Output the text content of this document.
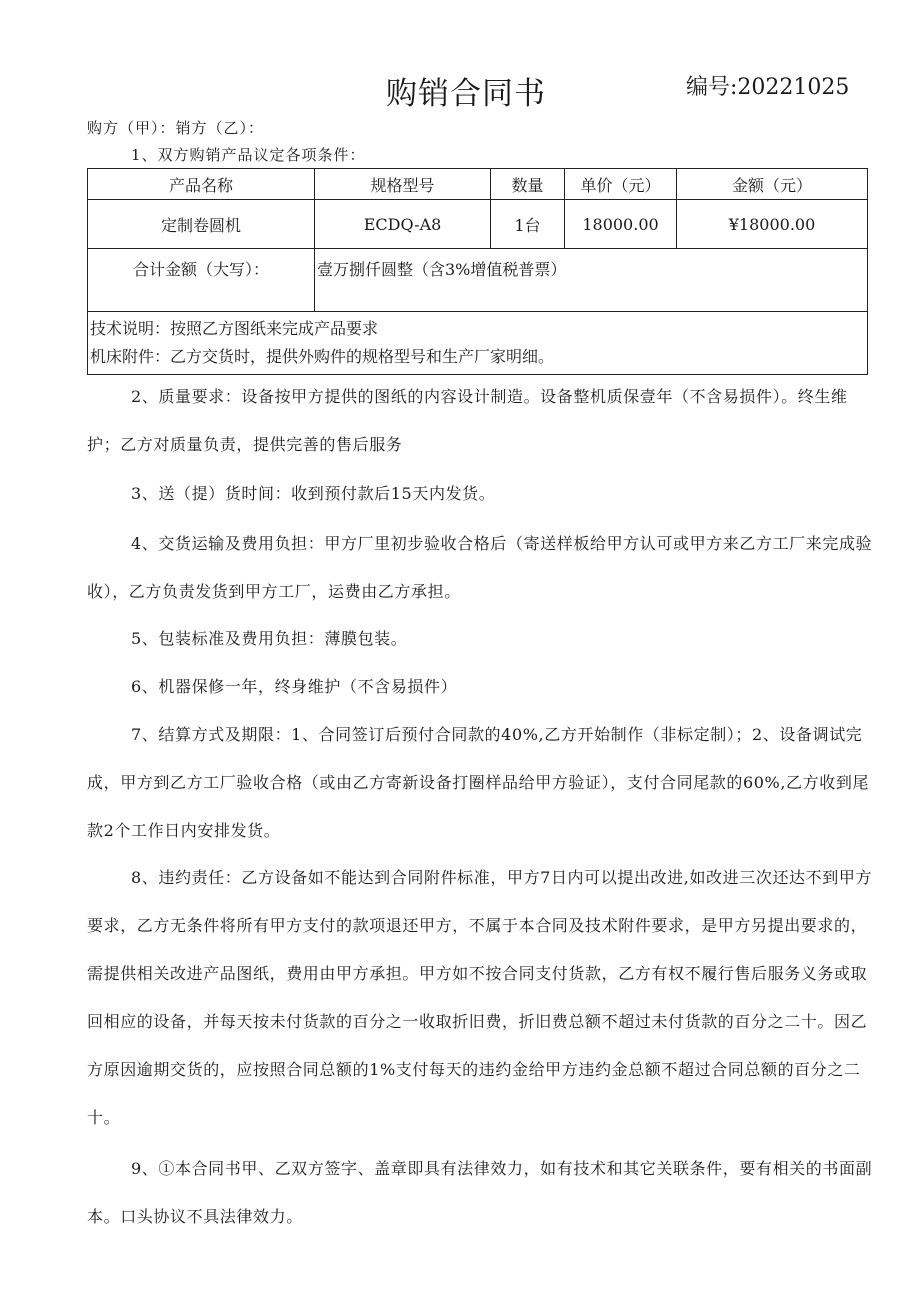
购销合同书	编号:20221025
购方（甲）：销方（乙）：
1、双方购销产品议定各项条件：
产品名称	规格型号	数量	单价（元）	金额（元）
定制卷圆机	ECDQ-A8	1台	18000.00	¥18000.00
合计金额（大写）：	壹万捌仟圆整（含3%增值税普票）			

技术说明：按照乙方图纸来完成产品要求
机床附件：乙方交货时，提供外购件的规格型号和生产厂家明细。				

2、质量要求：设备按甲方提供的图纸的内容设计制造。设备整机质保壹年（不含易损件）。终生维护；乙方对质量负责，提供完善的售后服务

3、送（提）货时间：收到预付款后15天内发货。

4、交货运输及费用负担：甲方厂里初步验收合格后（寄送样板给甲方认可或甲方来乙方工厂来完成验收），乙方负责发货到甲方工厂，运费由乙方承担。

5、包装标准及费用负担：薄膜包装。

6、机器保修一年，终身维护（不含易损件）

7、结算方式及期限：1、合同签订后预付合同款的40%,乙方开始制作（非标定制）；2、设备调试完成，甲方到乙方工厂验收合格（或由乙方寄新设备打圈样品给甲方验证），支付合同尾款的60%,乙方收到尾款2个工作日内安排发货。

8、违约责任：乙方设备如不能达到合同附件标准，甲方7日内可以提出改进,如改进三次还达不到甲方要求，乙方无条件将所有甲方支付的款项退还甲方，不属于本合同及技术附件要求，是甲方另提出要求的，需提供相关改进产品图纸，费用由甲方承担。甲方如不按合同支付货款，乙方有权不履行售后服务义务或取回相应的设备，并每天按未付货款的百分之一收取折旧费，折旧费总额不超过未付货款的百分之二十。因乙方原因逾期交货的，应按照合同总额的1%支付每天的违约金给甲方违约金总额不超过合同总额的百分之二十。

9、①本合同书甲、乙双方签字、盖章即具有法律效力，如有技术和其它关联条件，要有相关的书面副本。口头协议不具法律效力。
